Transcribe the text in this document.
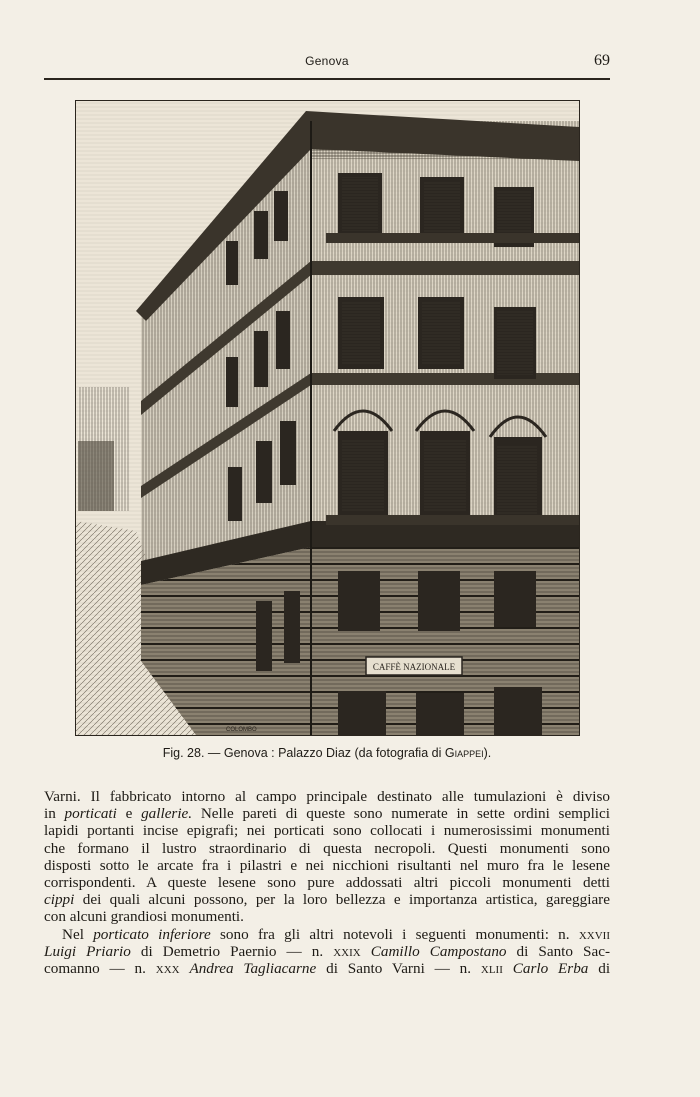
Genova	69
CAFFÈ NAZIONALE
COLOMBO
Fig. 28. — Genova : Palazzo Diaz (da fotografia di Giappei).

Varni. Il fabbricato intorno al campo principale destinato alle tumulazioni è diviso

in porticati e gallerie. Nelle pareti di queste sono numerate in sette ordini semplici

lapidi portanti incise epigrafi; nei porticati sono collocati i numerosissimi monumenti

che formano il lustro straordinario di questa necropoli. Questi monumenti sono

disposti sotto le arcate fra i pilastri e nei nicchioni risultanti nel muro fra le lesene

corrispondenti. A queste lesene sono pure addossati altri piccoli monumenti detti

cippi dei quali alcuni possono, per la loro bellezza e importanza artistica, gareggiare

con alcuni grandiosi monumenti.

Nel porticato inferiore sono fra gli altri notevoli i seguenti monumenti: n. xxvii

Luigi Priario di Demetrio Paernio — n. xxix Camillo Campostano di Santo Sac-

comanno — n. xxx Andrea Tagliacarne di Santo Varni — n. xlii Carlo Erba di
